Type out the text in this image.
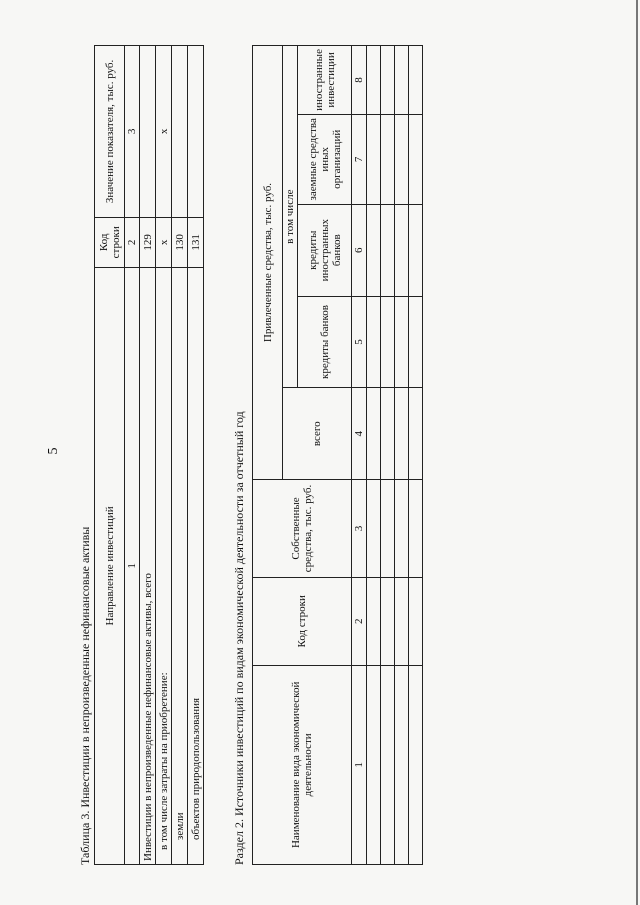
5
Таблица 3. Инвестиции в непроизведенные нефинансовые активы Направление инвестиций	Код строки	Значение показателя, тыс. руб.
1	2	3
Инвестиции в непроизведенные нефинансовые активы, всего	129	
в том числе затраты на приобретение:	x	x
земли	130	
объектов природопользования	131	
Раздел 2. Источники инвестиций по видам экономической деятельности за отчетный год	Наименование вида экономической деятельности	Код строки	Собственные средства, тыс. руб.	Привлеченные средства, тыс. руб.				
			всего	в том числе			
				кредиты банков	кредиты иностранных банков	заемные средства иных организаций	иностранные инвестиции
1	2	3	4	5	6	7	8
